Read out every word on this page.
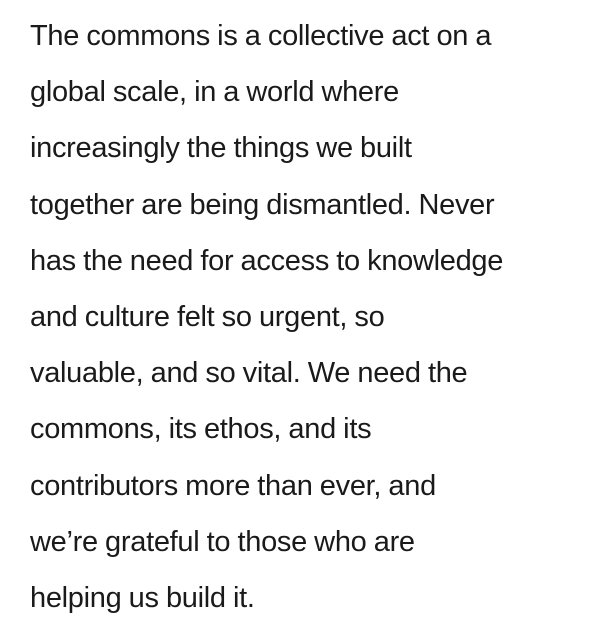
The commons is a collective act on a
global scale, in a world where
increasingly the things we built
together are being dismantled. Never
has the need for access to knowledge
and culture felt so urgent, so
valuable, and so vital. We need the
commons, its ethos, and its
contributors more than ever, and
we’re grateful to those who are
helping us build it.
